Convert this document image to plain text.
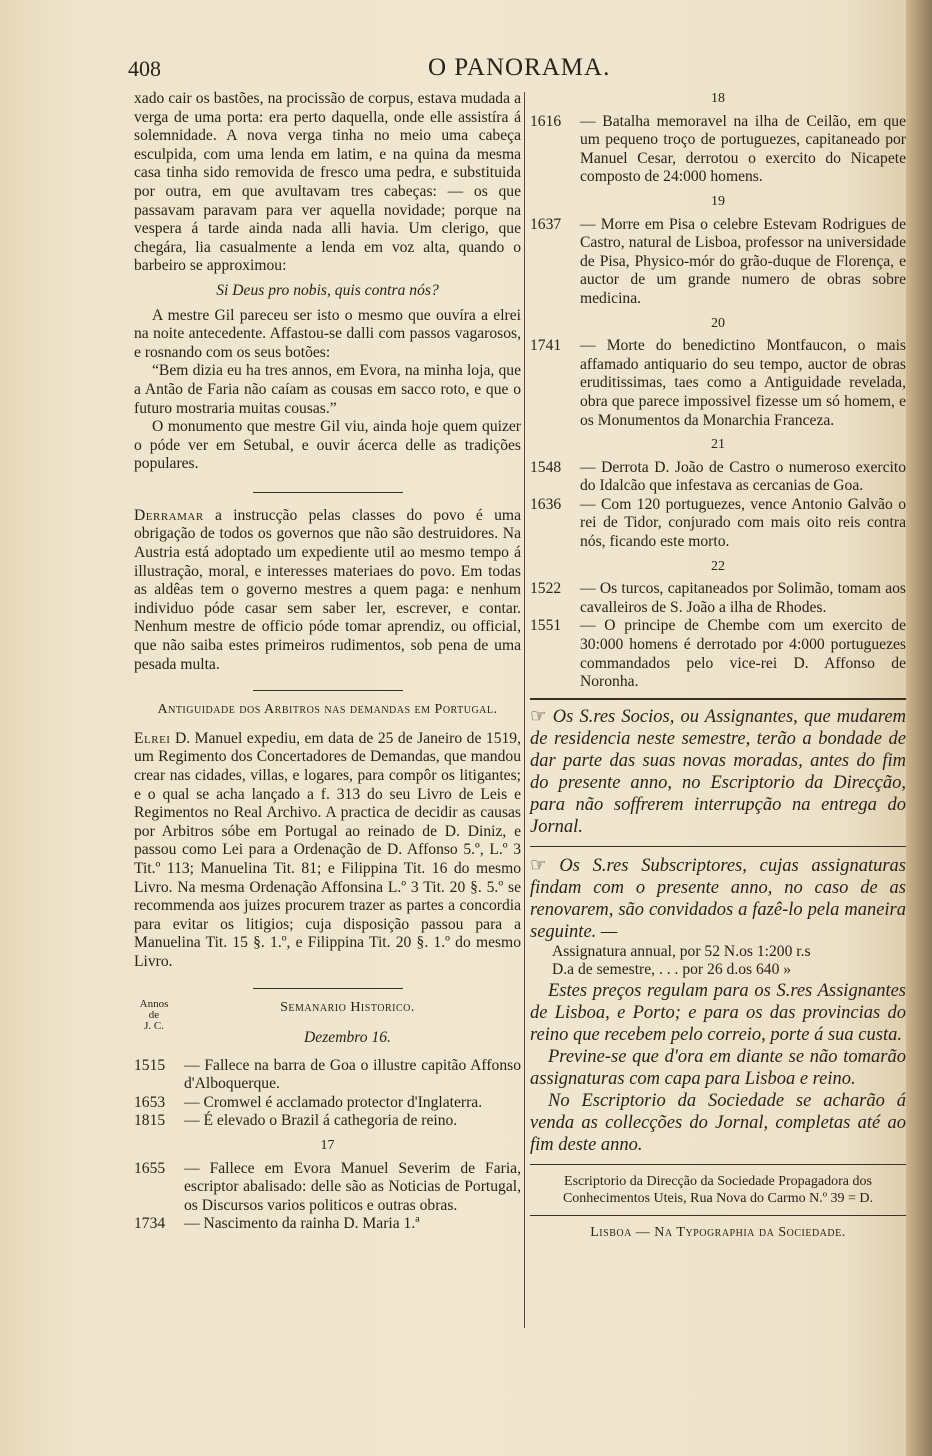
408	O PANORAMA.

xado cair os bastões, na procissão de corpus, estava mudada a verga de uma porta: era perto daquella, onde elle assistíra á solemnidade. A nova verga tinha no meio uma cabeça esculpida, com uma lenda em latim, e na quina da mesma casa tinha sido removida de fresco uma pedra, e substituida por outra, em que avultavam tres cabeças: — os que passavam paravam para ver aquella novidade; porque na vespera á tarde ainda nada alli havia. Um clerigo, que chegára, lia casualmente a lenda em voz alta, quando o barbeiro se approximou:

Si Deus pro nobis, quis contra nós?

A mestre Gil pareceu ser isto o mesmo que ouvíra a elrei na noite antecedente. Affastou-se dalli com passos vagarosos, e rosnando com os seus botões:

“Bem dizia eu ha tres annos, em Evora, na minha loja, que a Antão de Faria não caíam as cousas em sacco roto, e que o futuro mostraria muitas cousas.”

O monumento que mestre Gil viu, ainda hoje quem quizer o póde ver em Setubal, e ouvir ácerca delle as tradições populares.

Derramar a instrucção pelas classes do povo é uma obrigação de todos os governos que não são destruidores. Na Austria está adoptado um expediente util ao mesmo tempo á illustração, moral, e interesses materiaes do povo. Em todas as aldêas tem o governo mestres a quem paga: e nenhum individuo póde casar sem saber ler, escrever, e contar. Nenhum mestre de officio póde tomar aprendiz, ou official, que não saiba estes primeiros rudimentos, sob pena de uma pesada multa.

Antiguidade dos Arbitros nas demandas em Portugal.

Elrei D. Manuel expediu, em data de 25 de Janeiro de 1519, um Regimento dos Concertadores de Demandas, que mandou crear nas cidades, villas, e logares, para compôr os litigantes; e o qual se acha lançado a f. 313 do seu Livro de Leis e Regimentos no Real Archivo. A practica de decidir as causas por Arbitros sóbe em Portugal ao reinado de D. Diniz, e passou como Lei para a Ordenação de D. Affonso 5.º, L.º 3 Tit.º 113; Manuelina Tit. 81; e Filippina Tit. 16 do mesmo Livro. Na mesma Ordenação Affonsina L.º 3 Tit. 20 §. 5.º se recommenda aos juizes procurem trazer as partes a concordia para evitar os litigios; cuja disposição passou para a Manuelina Tit. 15 §. 1.º, e Filippina Tit. 20 §. 1.º do mesmo Livro.

Annos
de
J. C.

Semanario Historico.

Dezembro 16.

1515	— Fallece na barra de Goa o illustre capitão Affonso d'Alboquerque.
1653	— Cromwel é acclamado protector d'Inglaterra.
1815	— É elevado o Brazil á cathegoria de reino.
17
1655	— Fallece em Evora Manuel Severim de Faria, escriptor abalisado: delle são as Noticias de Portugal, os Discursos varios politicos e outras obras.
1734	— Nascimento da rainha D. Maria 1.ª
18
1616	— Batalha memoravel na ilha de Ceilão, em que um pequeno troço de portuguezes, capitaneado por Manuel Cesar, derrotou o exercito do Nicapete composto de 24:000 homens.
19
1637	— Morre em Pisa o celebre Estevam Rodrigues de Castro, natural de Lisboa, professor na universidade de Pisa, Physico-mór do grão-duque de Florença, e auctor de um grande numero de obras sobre medicina.
20
1741	— Morte do benedictino Montfaucon, o mais affamado antiquario do seu tempo, auctor de obras eruditissimas, taes como a Antiguidade revelada, obra que parece impossivel fizesse um só homem, e os Monumentos da Monarchia Franceza.
21
1548	— Derrota D. João de Castro o numeroso exercito do Idalcão que infestava as cercanias de Goa.
1636	— Com 120 portuguezes, vence Antonio Galvão o rei de Tidor, conjurado com mais oito reis contra nós, ficando este morto.
22
1522	— Os turcos, capitaneados por Solimão, tomam aos cavalleiros de S. João a ilha de Rhodes.
1551	— O principe de Chembe com um exercito de 30:000 homens é derrotado por 4:000 portuguezes commandados pelo vice-rei D. Affonso de Noronha.

☞ Os S.res Socios, ou Assignantes, que mudarem de residencia neste semestre, terão a bondade de dar parte das suas novas moradas, antes do fim do presente anno, no Escriptorio da Direcção, para não soffrerem interrupção na entrega do Jornal.

☞ Os S.res Subscriptores, cujas assignaturas findam com o presente anno, no caso de as renovarem, são convidados a fazê-lo pela maneira seguinte. —

Assignatura annual, por 52 N.os 1:200 r.s

D.a de semestre, . . . por 26 d.os 640 »

Estes preços regulam para os S.res Assignantes de Lisboa, e Porto; e para os das provincias do reino que recebem pelo correio, porte á sua custa.

Previne-se que d'ora em diante se não tomarão assignaturas com capa para Lisboa e reino.

No Escriptorio da Sociedade se acharão á venda as collecções do Jornal, completas até ao fim deste anno.

Escriptorio da Direcção da Sociedade Propagadora dos Conhecimentos Uteis, Rua Nova do Carmo N.º 39 = D.

Lisboa — Na Typographia da Sociedade.
